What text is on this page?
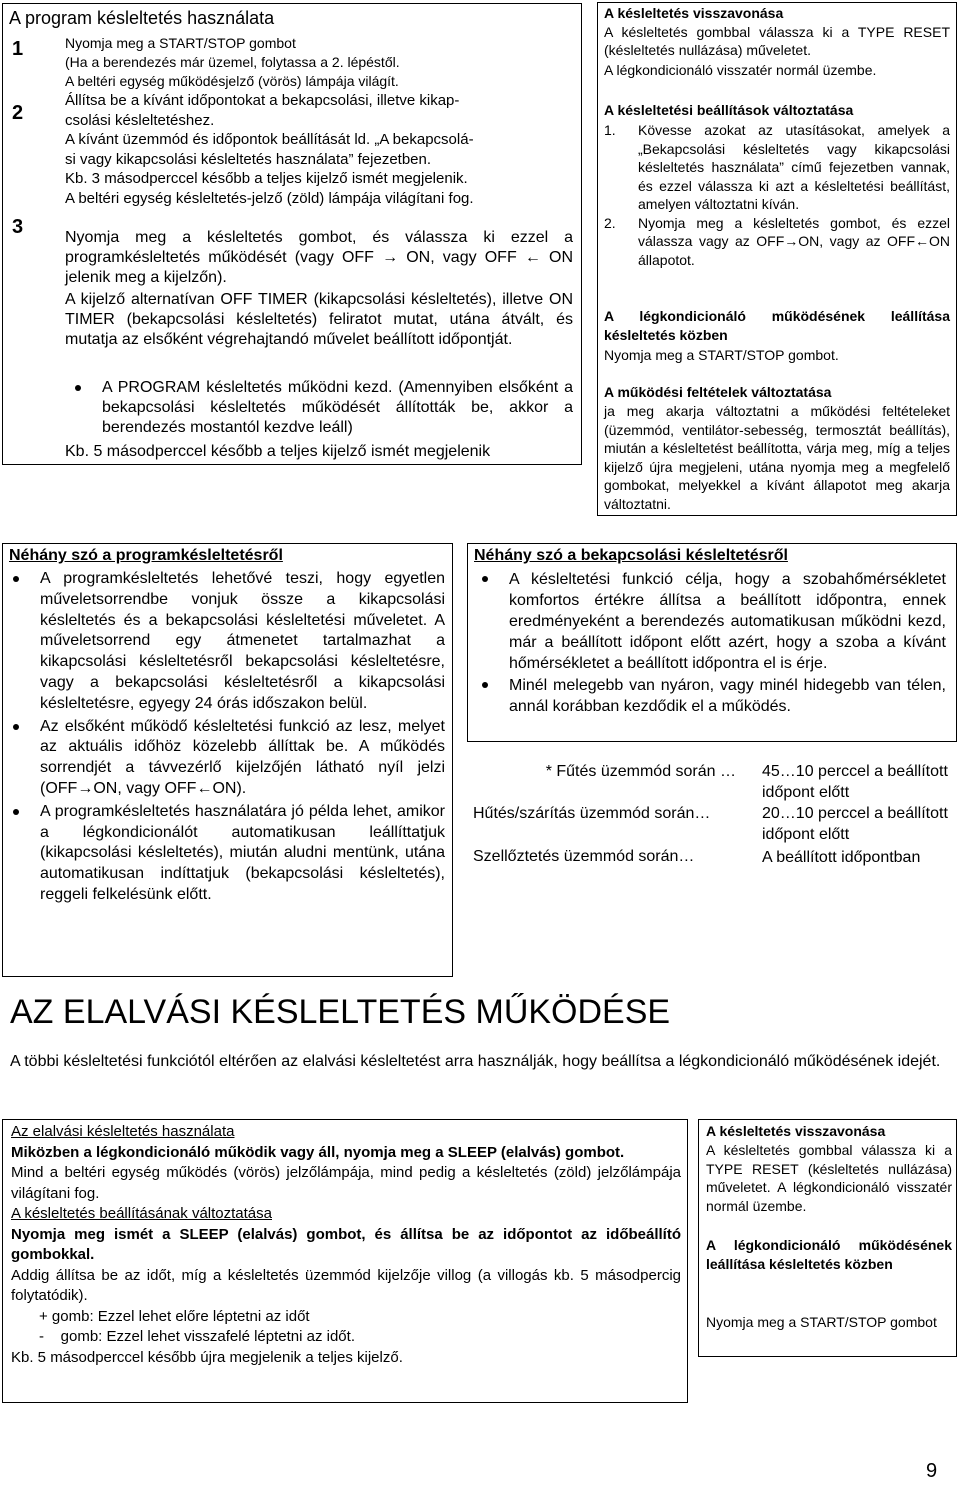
A program késleltetés használata
1	Nyomja meg a START/STOP gombot
(Ha a berendezés már üzemel, folytassa a 2. lépéstől.
A beltéri egység működésjelző (vörös) lámpája világít.
2
Állítsa be a kívánt időpontokat a bekapcsolási, illetve kikap-
csolási késleltetéshez.
A kívánt üzemmód és időpontok beállítását ld. „A bekapcsolá-
si vagy kikapcsolási késleltetés használata” fejezetben.
Kb. 3 másodperccel később a teljes kijelző ismét megjelenik.
A beltéri egység késleltetés-jelző (zöld) lámpája világítani fog.
3	Nyomja meg a késleltetés gombot, és válassza ki ezzel a programkésleltetés működését (vagy OFF → ON, vagy OFF ← ON jelenik meg a kijelzőn).
A kijelző alternatívan OFF TIMER (kikapcsolási késleltetés), illetve ON TIMER (bekapcsolási késleltetés) feliratot mutat, utána átvált, és mutatja az elsőként végrehajtandó művelet beállított időpontját.
A PROGRAM késleltetés működni kezd. (Amennyiben elsőként a bekapcsolási késleltetés működését állították be, akkor a berendezés mostantól kezdve leáll)
Kb. 5 másodperccel később a teljes kijelző ismét megjelenik
A késleltetés visszavonása
A késleltetés gombbal válassza ki a TYPE RESET (késleltetés nullázása) műveletet.
A légkondicionáló visszatér normál üzembe.
A késleltetési beállítások változtatása
1. Kövesse azokat az utasításokat, amelyek a „Bekapcsolási késleltetés vagy kikapcsolási késleltetés használata” című fejezetben vannak, és ezzel válassza ki azt a késleltetési beállítást, amelyen változtatni kíván.
2. Nyomja meg a késleltetés gombot, és ezzel válassza vagy az OFF→ON, vagy az OFF←ON állapotot.
A légkondicionáló működésének leállítása késleltetés közben
Nyomja meg a START/STOP gombot.
A működési feltételek változtatása
ja meg akarja változtatni a működési feltételeket (üzemmód, ventilátor-sebesség, termosztát beállítás), miután a késleltetést beállította, várja meg, míg a teljes kijelző újra megjeleni, utána nyomja meg a megfelelő gombokat, melyekkel a kívánt állapotot meg akarja változtatni.
Néhány szó a programkésleltetésről
A programkésleltetés lehetővé teszi, hogy egyetlen műveletsorrendbe vonjuk össze a kikapcsolási késleltetés és a bekapcsolási késleltetési műveletet. A műveletsorrend egy átmenetet tartalmazhat a kikapcsolási késleltetésről bekapcsolási késleltetésre, vagy a bekapcsolási késleltetésről a kikapcsolási késleltetésre, egyegy 24 órás időszakon belül.
Az elsőként működő késleltetési funkció az lesz, melyet az aktuális időhöz közelebb állíttak be. A működés sorrendjét a távvezérlő kijelzőjén látható nyíl jelzi (OFF→ON, vagy OFF←ON).
A programkésleltetés használatára jó példa lehet, amikor a légkondicionálót automatikusan leállíttatjuk (kikapcsolási késleltetés), miután aludni mentünk, utána automatikusan indíttatjuk (bekapcsolási késleltetés), reggeli felkelésünk előtt.
Néhány szó a bekapcsolási késleltetésről
A késleltetési funkció célja, hogy a szobahőmérsékletet komfortos értékre állítsa a beállított időpontra, ennek eredményeként a berendezés automatikusan működni kezd, már a beállított időpont előtt azért, hogy a szoba a kívánt hőmérsékletet a beállított időpontra el is érje.
Minél melegebb van nyáron, vagy minél hidegebb van télen, annál korábban kezdődik el a működés.
* Fűtés üzemmód során …	45…10 perccel a beállított időpont előtt
Hűtés/szárítás üzemmód során…	20…10 perccel a beállított időpont előtt
Szellőztetés üzemmód során…	A beállított időpontban
AZ ELALVÁSI KÉSLELTETÉS MŰKÖDÉSE
A többi késleltetési funkciótól eltérően az elalvási késleltetést arra használják, hogy beállítsa a légkondicionáló működésének idejét.
Az elalvási késleltetés használata
Miközben a légkondicionáló működik vagy áll, nyomja meg a SLEEP (elalvás) gombot.
Mind a beltéri egység működés (vörös) jelzőlámpája, mind pedig a késleltetés (zöld) jelzőlámpája világítani fog.
A késleltetés beállításának változtatása
Nyomja meg ismét a SLEEP (elalvás) gombot, és állítsa be az időpontot az időbeállító gombokkal.
Addig állítsa be az időt, míg a késleltetés üzemmód kijelzője villog (a villogás kb. 5 másodpercig folytatódik).
+ gomb: Ezzel lehet előre léptetni az időt
-    gomb: Ezzel lehet visszafelé léptetni az időt.
Kb. 5 másodperccel később újra megjelenik a teljes kijelző.
A késleltetés visszavonása
A késleltetés gombbal válassza ki a TYPE RESET (késleltetés nullázása) műveletet. A légkondicionáló visszatér normál üzembe.
A légkondicionáló működésének leállítása késleltetés közben
Nyomja meg a START/STOP gombot
9
